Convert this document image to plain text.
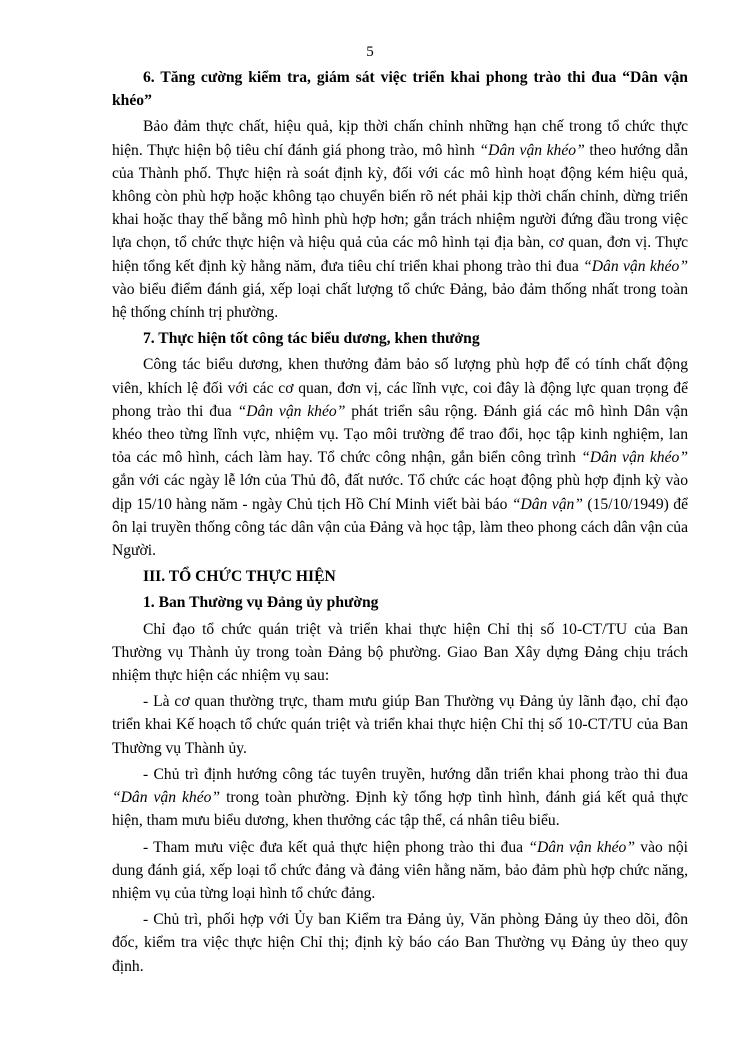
5

6. Tăng cường kiểm tra, giám sát việc triển khai phong trào thi đua “Dân vận khéo”

Bảo đảm thực chất, hiệu quả, kịp thời chấn chỉnh những hạn chế trong tổ chức thực hiện. Thực hiện bộ tiêu chí đánh giá phong trào, mô hình “Dân vận khéo” theo hướng dẫn của Thành phố. Thực hiện rà soát định kỳ, đối với các mô hình hoạt động kém hiệu quả, không còn phù hợp hoặc không tạo chuyển biến rõ nét phải kịp thời chấn chỉnh, dừng triển khai hoặc thay thế bằng mô hình phù hợp hơn; gắn trách nhiệm người đứng đầu trong việc lựa chọn, tổ chức thực hiện và hiệu quả của các mô hình tại địa bàn, cơ quan, đơn vị. Thực hiện tổng kết định kỳ hằng năm, đưa tiêu chí triển khai phong trào thi đua “Dân vận khéo” vào biểu điểm đánh giá, xếp loại chất lượng tổ chức Đảng, bảo đảm thống nhất trong toàn hệ thống chính trị phường.

7. Thực hiện tốt công tác biểu dương, khen thưởng

Công tác biểu dương, khen thưởng đảm bảo số lượng phù hợp để có tính chất động viên, khích lệ đối với các cơ quan, đơn vị, các lĩnh vực, coi đây là động lực quan trọng để phong trào thi đua “Dân vận khéo” phát triển sâu rộng. Đánh giá các mô hình Dân vận khéo theo từng lĩnh vực, nhiệm vụ. Tạo môi trường để trao đổi, học tập kinh nghiệm, lan tỏa các mô hình, cách làm hay. Tổ chức công nhận, gắn biển công trình “Dân vận khéo” gắn với các ngày lễ lớn của Thủ đô, đất nước. Tổ chức các hoạt động phù hợp định kỳ vào dịp 15/10 hàng năm - ngày Chủ tịch Hồ Chí Minh viết bài báo “Dân vận” (15/10/1949) để ôn lại truyền thống công tác dân vận của Đảng và học tập, làm theo phong cách dân vận của Người.

III. TỔ CHỨC THỰC HIỆN

1. Ban Thường vụ Đảng ủy phường

Chỉ đạo tổ chức quán triệt và triển khai thực hiện Chỉ thị số 10-CT/TU của Ban Thường vụ Thành ủy trong toàn Đảng bộ phường. Giao Ban Xây dựng Đảng chịu trách nhiệm thực hiện các nhiệm vụ sau:

- Là cơ quan thường trực, tham mưu giúp Ban Thường vụ Đảng ủy lãnh đạo, chỉ đạo triển khai Kế hoạch tổ chức quán triệt và triển khai thực hiện Chỉ thị số 10-CT/TU của Ban Thường vụ Thành ủy.

- Chủ trì định hướng công tác tuyên truyền, hướng dẫn triển khai phong trào thi đua “Dân vận khéo” trong toàn phường. Định kỳ tổng hợp tình hình, đánh giá kết quả thực hiện, tham mưu biểu dương, khen thưởng các tập thể, cá nhân tiêu biểu.

- Tham mưu việc đưa kết quả thực hiện phong trào thi đua “Dân vận khéo” vào nội dung đánh giá, xếp loại tổ chức đảng và đảng viên hằng năm, bảo đảm phù hợp chức năng, nhiệm vụ của từng loại hình tổ chức đảng.

- Chủ trì, phối hợp với Ủy ban Kiểm tra Đảng ủy, Văn phòng Đảng ủy theo dõi, đôn đốc, kiểm tra việc thực hiện Chỉ thị; định kỳ báo cáo Ban Thường vụ Đảng ủy theo quy định.
